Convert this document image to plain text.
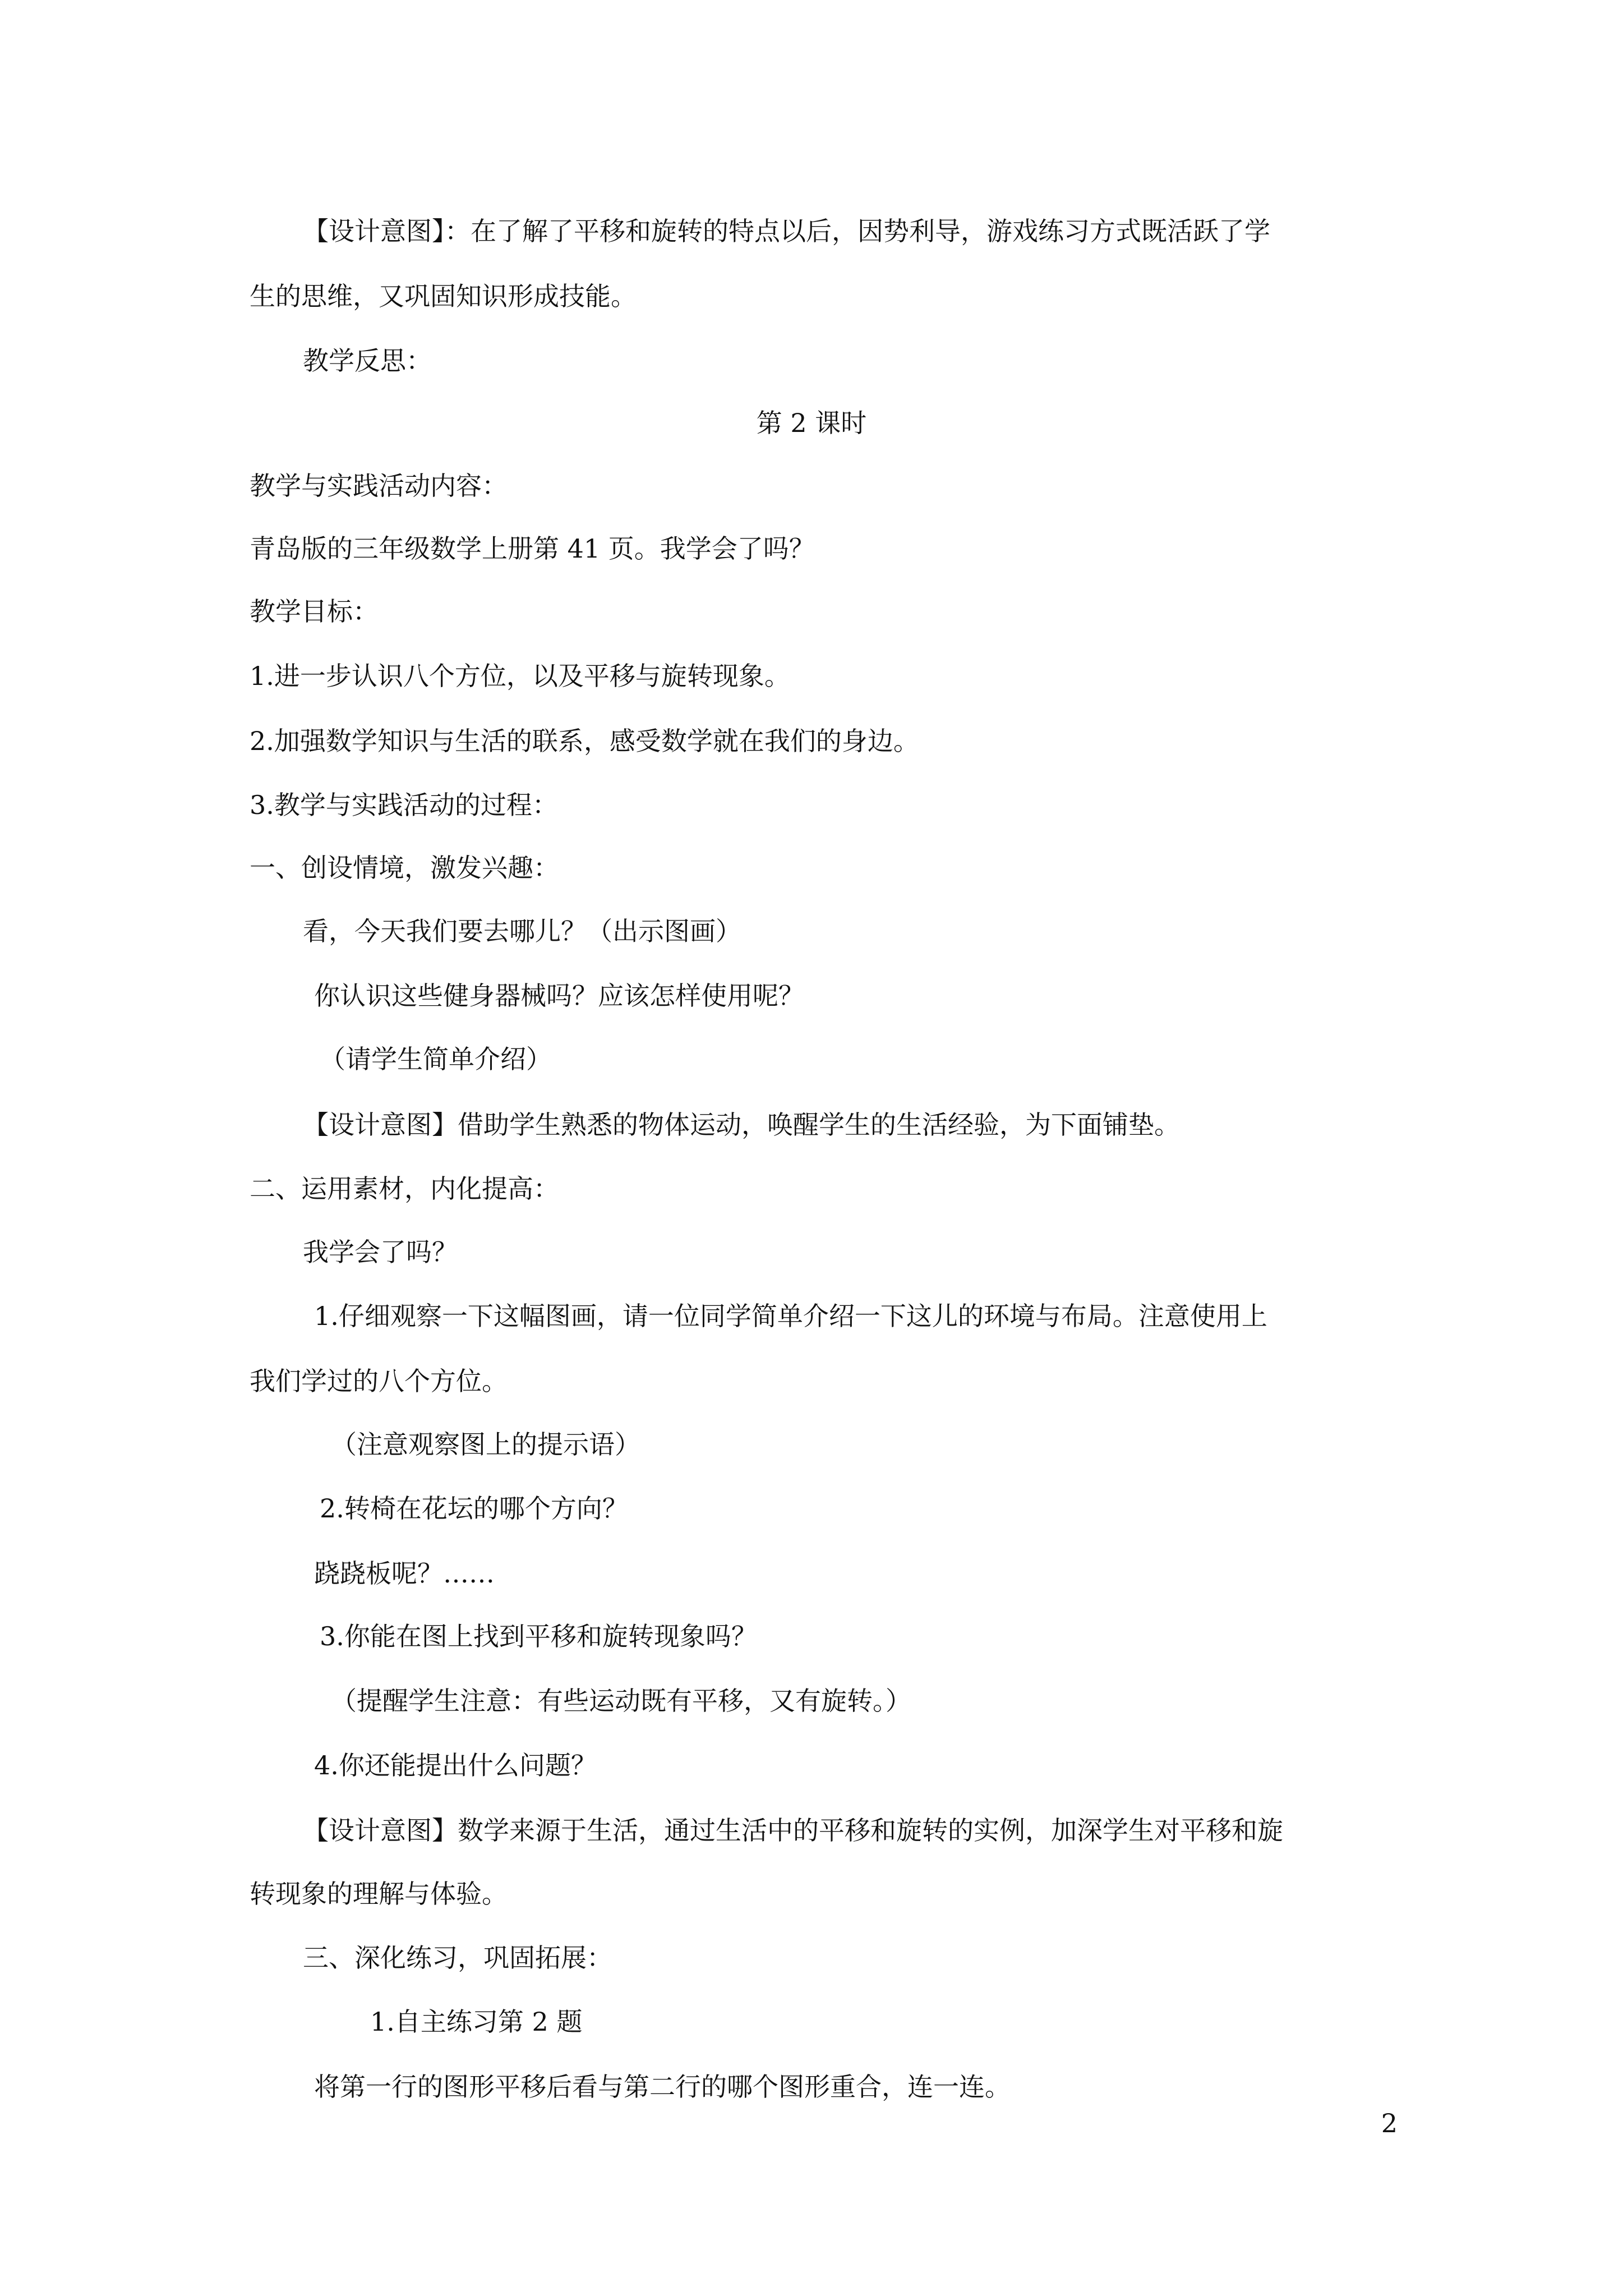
【设计意图】：在了解了平移和旋转的特点以后，因势利导，游戏练习方式既活跃了学
生的思维，又巩固知识形成技能。
教学反思：
第 2 课时
教学与实践活动内容：
青岛版的三年级数学上册第 41 页。我学会了吗？
教学目标：
1.进一步认识八个方位，以及平移与旋转现象。
2.加强数学知识与生活的联系，感受数学就在我们的身边。
3.教学与实践活动的过程：
一、创设情境，激发兴趣：
看，今天我们要去哪儿？（出示图画）
你认识这些健身器械吗？应该怎样使用呢？
（请学生简单介绍）
【设计意图】借助学生熟悉的物体运动，唤醒学生的生活经验，为下面铺垫。
二、运用素材，内化提高：
我学会了吗？
1.仔细观察一下这幅图画，请一位同学简单介绍一下这儿的环境与布局。注意使用上
我们学过的八个方位。
（注意观察图上的提示语）
2.转椅在花坛的哪个方向？
跷跷板呢？……
3.你能在图上找到平移和旋转现象吗？
（提醒学生注意：有些运动既有平移，又有旋转。）
4.你还能提出什么问题？
【设计意图】数学来源于生活，通过生活中的平移和旋转的实例，加深学生对平移和旋
转现象的理解与体验。
三、深化练习，巩固拓展：
1.自主练习第 2 题
将第一行的图形平移后看与第二行的哪个图形重合，连一连。
2
